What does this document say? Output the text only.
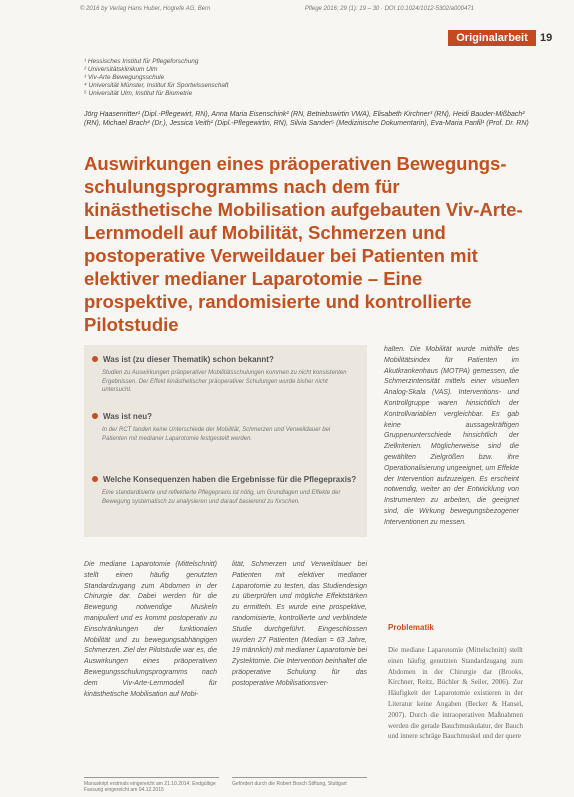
© 2016 by Verlag Hans Huber, Hogrefe AG, Bern	Pflege 2016; 29 (1): 19 – 30 · DOI 10.1024/1012-5302/a000471
Originalarbeit	19
¹ Hessisches Institut für Pflegeforschung
² Universitätsklinikum Ulm
³ Viv-Arte Bewegungsschule
⁴ Universität Münster, Institut für Sportwissenschaft
⁵ Universität Ulm, Institut für Biometrie
Jörg Haasenritter¹ (Dipl.-Pflegewirt, RN), Anna Maria Eisenschink² (RN, Betriebswirtin VWA), Elisabeth Kirchner³ (RN), Heidi Bauder-Mißbach² (RN), Michael Brach⁴ (Dr.), Jessica Veith¹ (Dipl.-Pflegewirtin, RN), Silvia Sander⁵ (Medizinische Dokumentarin), Eva-Maria Panfil¹ (Prof. Dr. RN)
Auswirkungen eines präoperativen Bewegungs-schulungsprogramms nach dem für kinästhetische Mobilisation aufgebauten Viv-Arte-Lernmodell auf Mobilität, Schmerzen und postoperative Verweildauer bei Patienten mit elektiver medianer Laparotomie – Eine prospektive, randomisierte und kontrollierte Pilotstudie
Was ist (zu dieser Thematik) schon bekannt?
Studien zu Auswirkungen präoperativer Mobilitätsschulungen kommen zu nicht konsistenten Ergebnissen. Der Effekt kinästhetischer präoperativer Schulungen wurde bisher nicht untersucht.
Was ist neu?
In der RCT fanden keine Unterschiede der Mobilität, Schmerzen und Verweildauer bei Patienten mit medianer Laparotomie festgestellt werden.
Welche Konsequenzen haben die Ergebnisse für die Pflegepraxis?
Eine standardisierte und reflektierte Pflegepraxis ist nötig, um Grundlagen und Effekte der Bewegung systematisch zu analysieren und darauf basierend zu forschen.
Die mediane Laparotomie (Mittelschnitt) stellt einen häufig genutzten Standardzugang zum Abdomen in der Chirurgie dar. Dabei werden für die Bewegung notwendige Muskeln manipuliert und es kommt postoperativ zu Einschränkungen der funktionalen Mobilität und zu bewegungsabhängigen Schmerzen. Ziel der Pilotstudie war es, die Auswirkungen eines präoperativen Bewegungsschulungsprogramms nach dem Viv-Arte-Lernmodell für kinästhetische Mobilisation auf Mobi-
lität, Schmerzen und Verweildauer bei Patienten mit elektiver medianer Laparotomie zu testen, das Studiendesign zu überprüfen und mögliche Effektstärken zu ermitteln. Es wurde eine prospektive, randomisierte, kontrollierte und verblindete Studie durchgeführt. Eingeschlossen wurden 27 Patienten (Median = 63 Jahre, 19 männlich) mit medianer Laparotomie bei Zystektomie. Die Intervention beinhaltet die präoperative Schulung für das postoperative Mobilisationsver-
halten. Die Mobilität wurde mithilfe des Mobilitätsindex für Patienten im Akutkrankenhaus (MOTPA) gemessen, die Schmerzintensität mittels einer visuellen Analog-Skala (VAS). Interventions- und Kontrollgruppe waren hinsichtlich der Kontrollvariablen vergleichbar. Es gab keine aussagekräftigen Gruppenunterschiede hinsichtlich der Zielkriterien. Möglicherweise sind die gewählten Zielgrößen bzw. ihre Operationalisierung ungeeignet, um Effekte der Intervention aufzuzeigen. Es erscheint notwendig, weiter an der Entwicklung von Instrumenten zu arbeiten, die geeignet sind, die Wirkung bewegungsbezogener Interventionen zu messen.
Problematik
Die mediane Laparotomie (Mittelschnitt) stellt einen häufig genutzten Standardzugang zum Abdomen in der Chirurgie dar (Brooks, Kirchner, Reitz, Büchler & Seiler, 2006). Zur Häufigkeit der Laparotomie existieren in der Literatur keine Angaben (Becker & Hansel, 2007). Durch die intraoperativen Maßnahmen werden die gerade Bauchmuskulatur, der Bauch und innere schräge Bauchmuskel und der quere
Manuskript erstmals eingereicht am 21.10.2014. Endgültige Fassung eingereicht am 04.12.2015
Gefördert durch die Robert Bosch Stiftung, Stuttgart
